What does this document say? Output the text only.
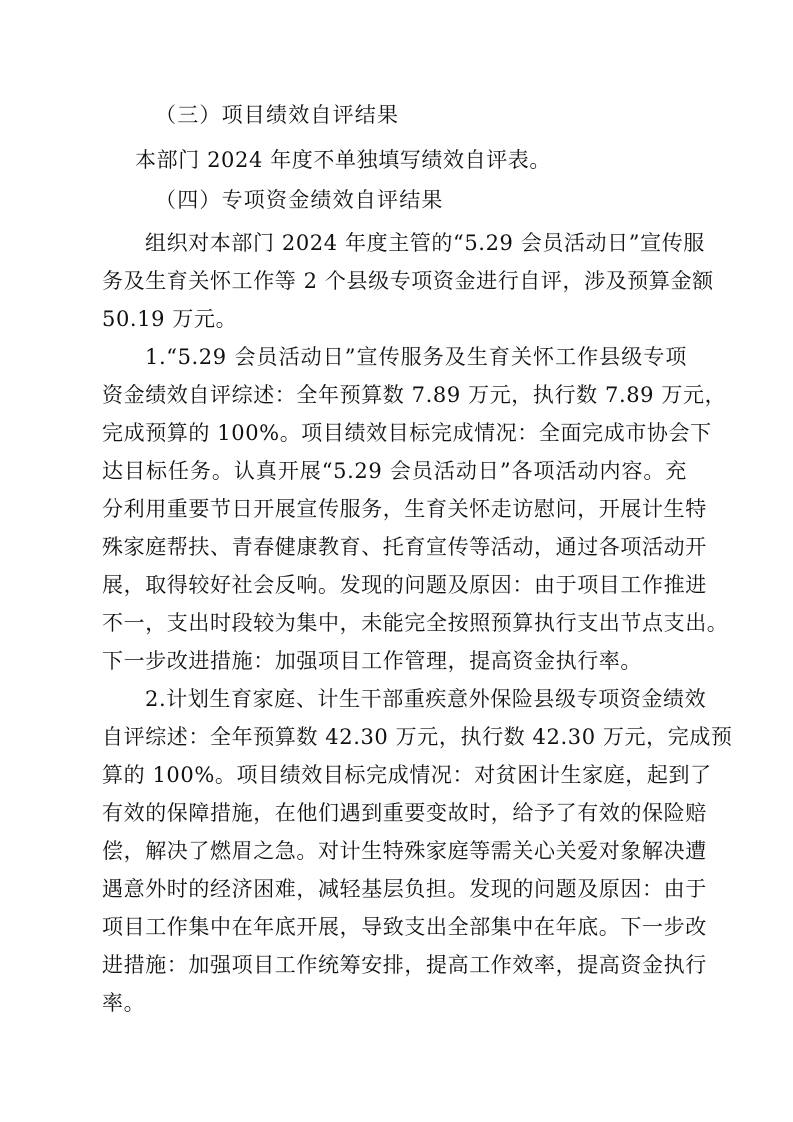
（三）项目绩效自评结果
本部门 2024 年度不单独填写绩效自评表。
（四）专项资金绩效自评结果
组织对本部门 2024 年度主管的“5.29 会员活动日”宣传服
务及生育关怀工作等 2 个县级专项资金进行自评，涉及预算金额
50.19 万元。
1.“5.29 会员活动日”宣传服务及生育关怀工作县级专项
资金绩效自评综述：全年预算数 7.89 万元，执行数 7.89 万元，
完成预算的 100%。项目绩效目标完成情况：全面完成市协会下
达目标任务。认真开展“5.29 会员活动日”各项活动内容。充
分利用重要节日开展宣传服务，生育关怀走访慰问，开展计生特
殊家庭帮扶、青春健康教育、托育宣传等活动，通过各项活动开
展，取得较好社会反响。发现的问题及原因：由于项目工作推进
不一，支出时段较为集中，未能完全按照预算执行支出节点支出。
下一步改进措施：加强项目工作管理，提高资金执行率。
2.计划生育家庭、计生干部重疾意外保险县级专项资金绩效
自评综述：全年预算数 42.30 万元，执行数 42.30 万元，完成预
算的 100%。项目绩效目标完成情况：对贫困计生家庭，起到了
有效的保障措施，在他们遇到重要变故时，给予了有效的保险赔
偿，解决了燃眉之急。对计生特殊家庭等需关心关爱对象解决遭
遇意外时的经济困难，减轻基层负担。发现的问题及原因：由于
项目工作集中在年底开展，导致支出全部集中在年底。下一步改
进措施：加强项目工作统筹安排，提高工作效率，提高资金执行
率。
